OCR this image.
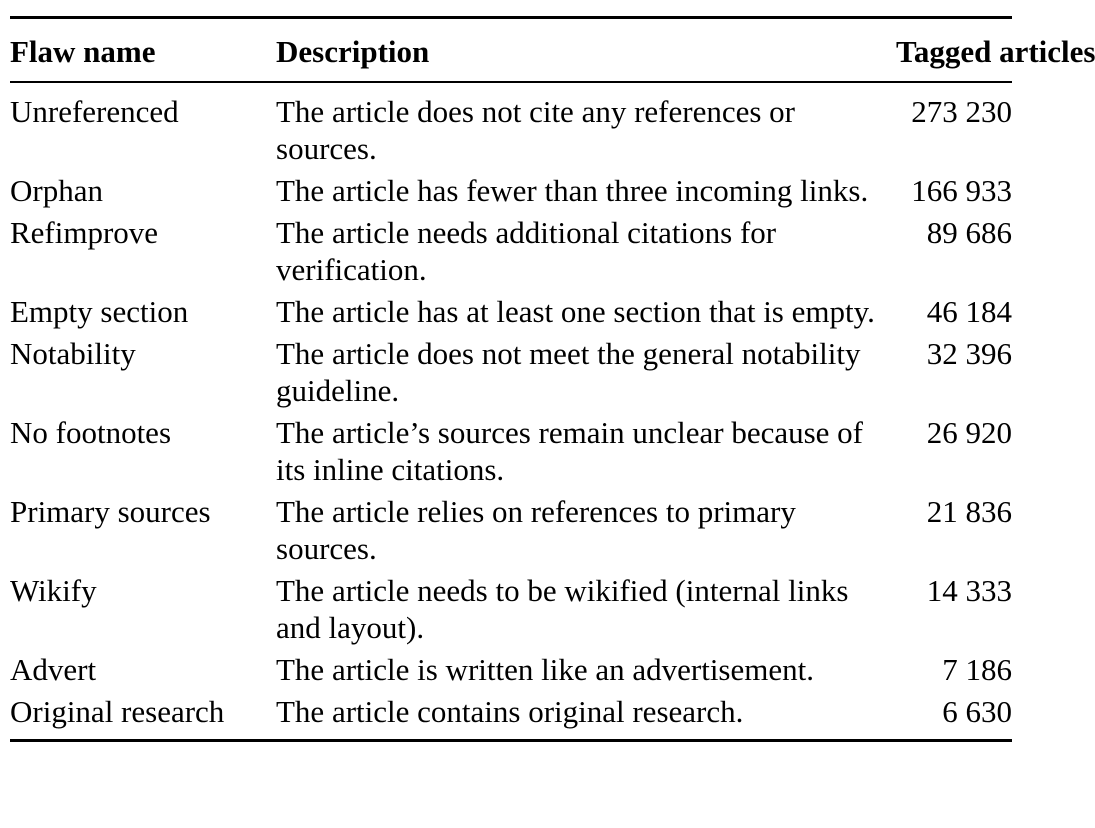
Flaw name	Description	Tagged articles
Unreferenced	The article does not cite any references or sources.	273 230
Orphan	The article has fewer than three incoming links.	166 933
Refimprove	The article needs additional citations for verification.	89 686
Empty section	The article has at least one section that is empty.	46 184
Notability	The article does not meet the general notability guideline.	32 396
No footnotes	The article’s sources remain unclear because of its inline citations.	26 920
Primary sources	The article relies on references to primary sources.	21 836
Wikify	The article needs to be wikified (internal links and layout).	14 333
Advert	The article is written like an advertisement.	7 186
Original research	The article contains original research.	6 630
